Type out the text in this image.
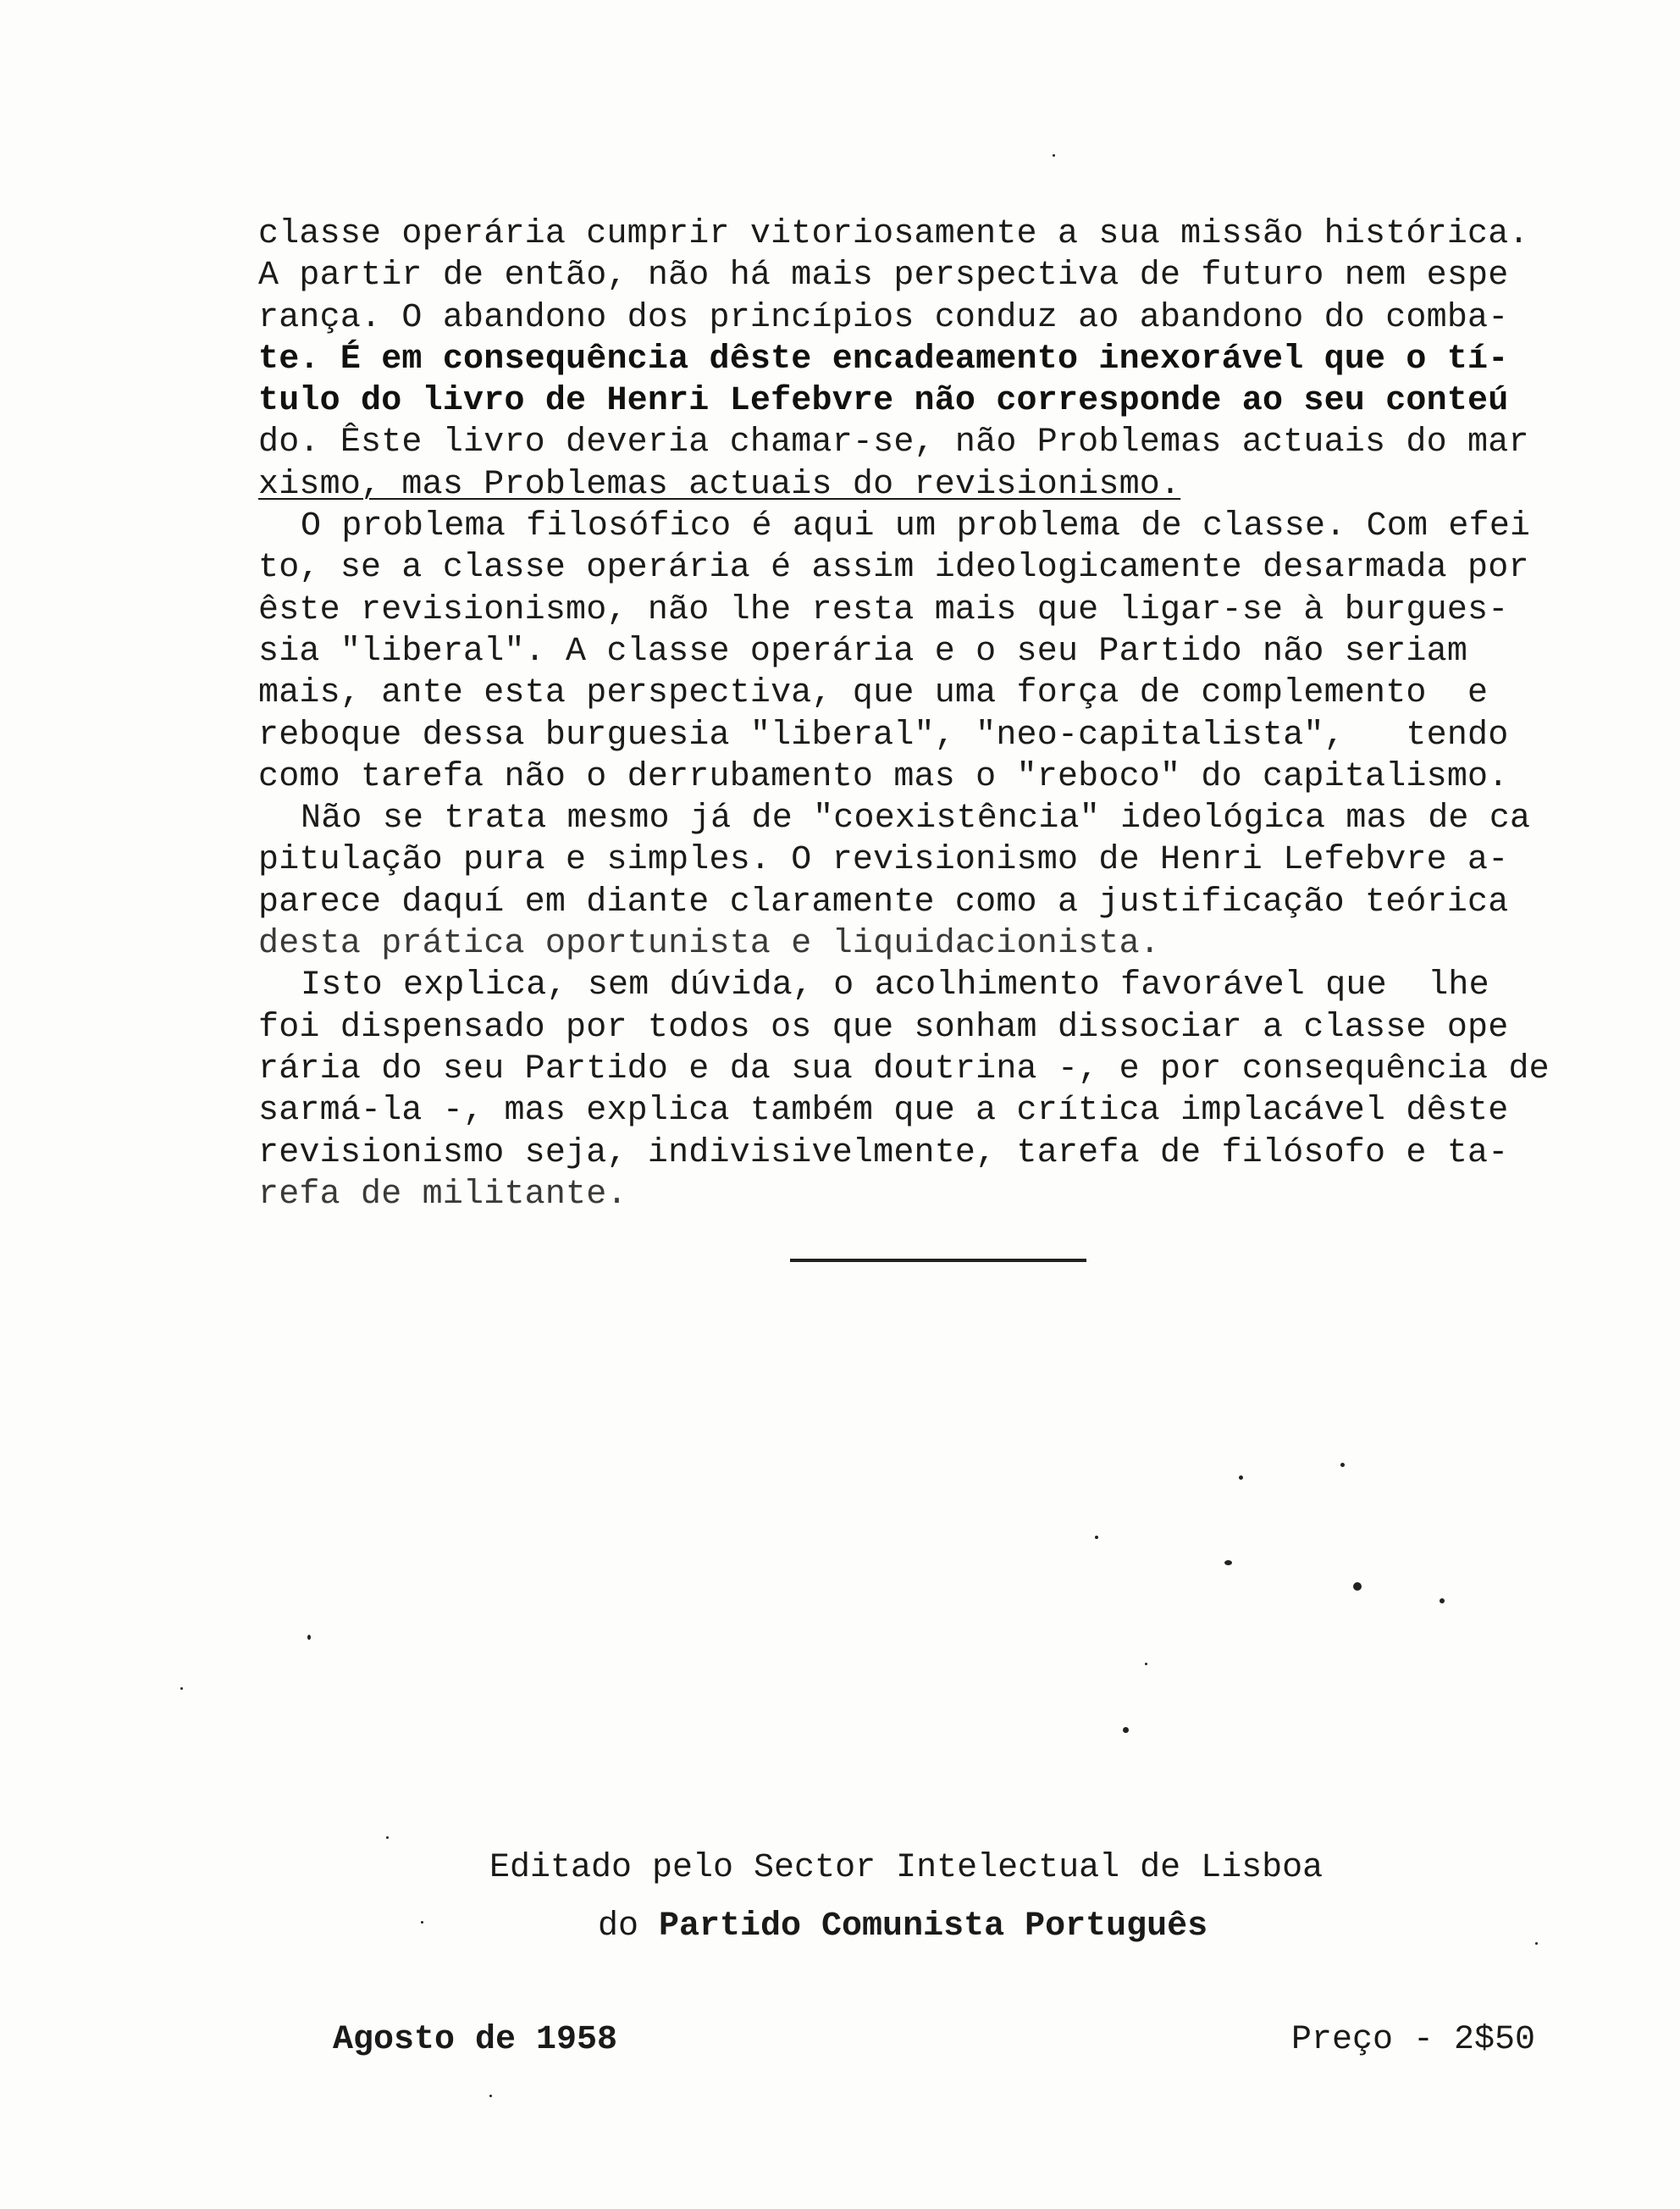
classe operária cumprir vitoriosamente a sua missão histórica.
A partir de então, não há mais perspectiva de futuro nem espe
rança. O abandono dos princípios conduz ao abandono do comba-
te. É em consequência dêste encadeamento inexorável que o tí-
tulo do livro de Henri Lefebvre não corresponde ao seu conteú
do. Êste livro deveria chamar-se, não Problemas actuais do mar
xismo, mas Problemas actuais do revisionismo.
O problema filosófico é aqui um problema de classe. Com efei
to, se a classe operária é assim ideologicamente desarmada por
êste revisionismo, não lhe resta mais que ligar-se à burgues-
sia "liberal". A classe operária e o seu Partido não seriam
mais, ante esta perspectiva, que uma força de complemento  e
reboque dessa burguesia "liberal", "neo-capitalista",   tendo
como tarefa não o derrubamento mas o "reboco" do capitalismo.
Não se trata mesmo já de "coexistência" ideológica mas de ca
pitulação pura e simples. O revisionismo de Henri Lefebvre a-
parece daquí em diante claramente como a justificação teórica
desta prática oportunista e liquidacionista.
Isto explica, sem dúvida, o acolhimento favorável que  lhe
foi dispensado por todos os que sonham dissociar a classe ope
rária do seu Partido e da sua doutrina -, e por consequência de
sarmá-la -, mas explica também que a crítica implacável dêste
revisionismo seja, indivisivelmente, tarefa de filósofo e ta-
refa de militante.
Editado pelo Sector Intelectual de Lisboa
do Partido Comunista Português
Agosto de 1958	Preço - 2$50
